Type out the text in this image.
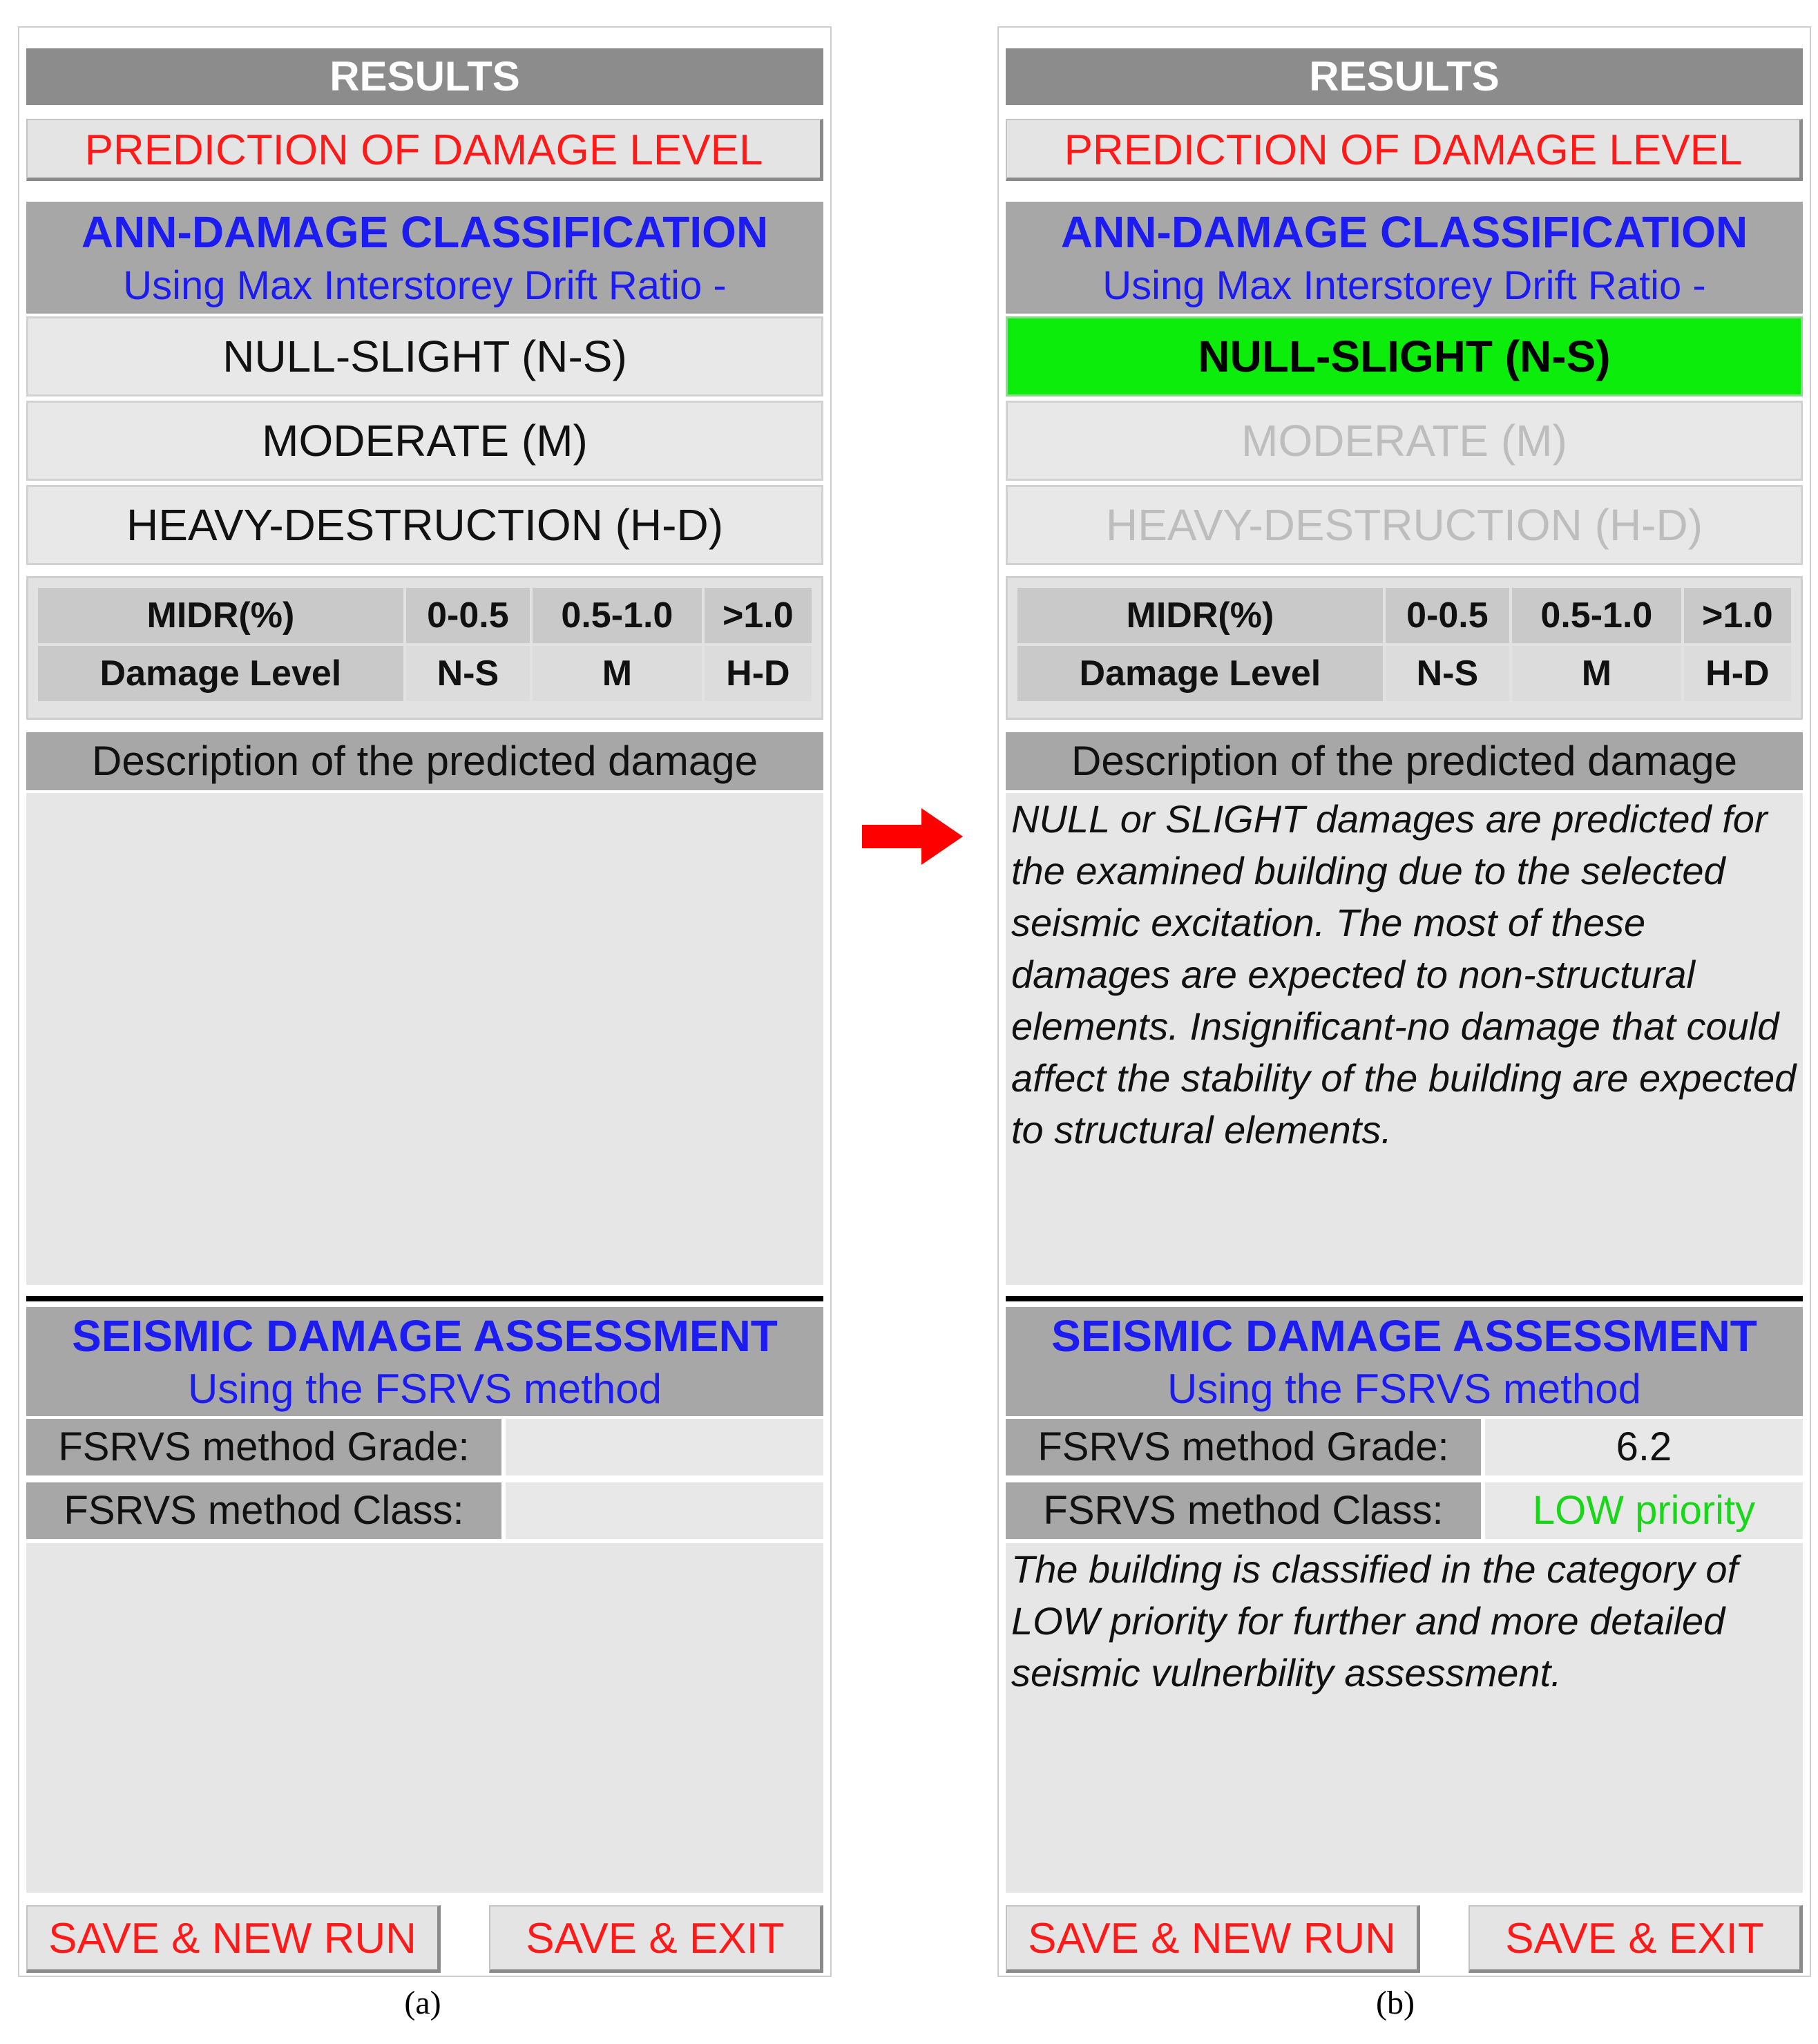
RESULTS
PREDICTION OF DAMAGE LEVEL
ANN-DAMAGE CLASSIFICATION
Using Max Interstorey Drift Ratio -
NULL-SLIGHT (N-S)
MODERATE (M)
HEAVY-DESTRUCTION (H-D)
MIDR(%)	0-0.5	0.5-1.0	>1.0
Damage Level	N-S	M	H-D
Description of the predicted damage
SEISMIC DAMAGE ASSESSMENT
Using the FSRVS method
FSRVS method Grade:
FSRVS method Class:
SAVE & NEW RUN	SAVE & EXIT
RESULTS
PREDICTION OF DAMAGE LEVEL
ANN-DAMAGE CLASSIFICATION
Using Max Interstorey Drift Ratio -
NULL-SLIGHT (N-S)
MODERATE (M)
HEAVY-DESTRUCTION (H-D)
MIDR(%)	0-0.5	0.5-1.0	>1.0
Damage Level	N-S	M	H-D
Description of the predicted damage
NULL or SLIGHT damages are predicted for the examined building due to the selected seismic excitation. The most of these damages are expected to non-structural elements. Insignificant-no damage that could affect the stability of the building are expected to structural elements.
SEISMIC DAMAGE ASSESSMENT
Using the FSRVS method
FSRVS method Grade:	6.2
FSRVS method Class:	LOW priority
The building is classified in the category of LOW priority for further and more detailed seismic vulnerbility assessment.
SAVE & NEW RUN	SAVE & EXIT
(a)	(b)
